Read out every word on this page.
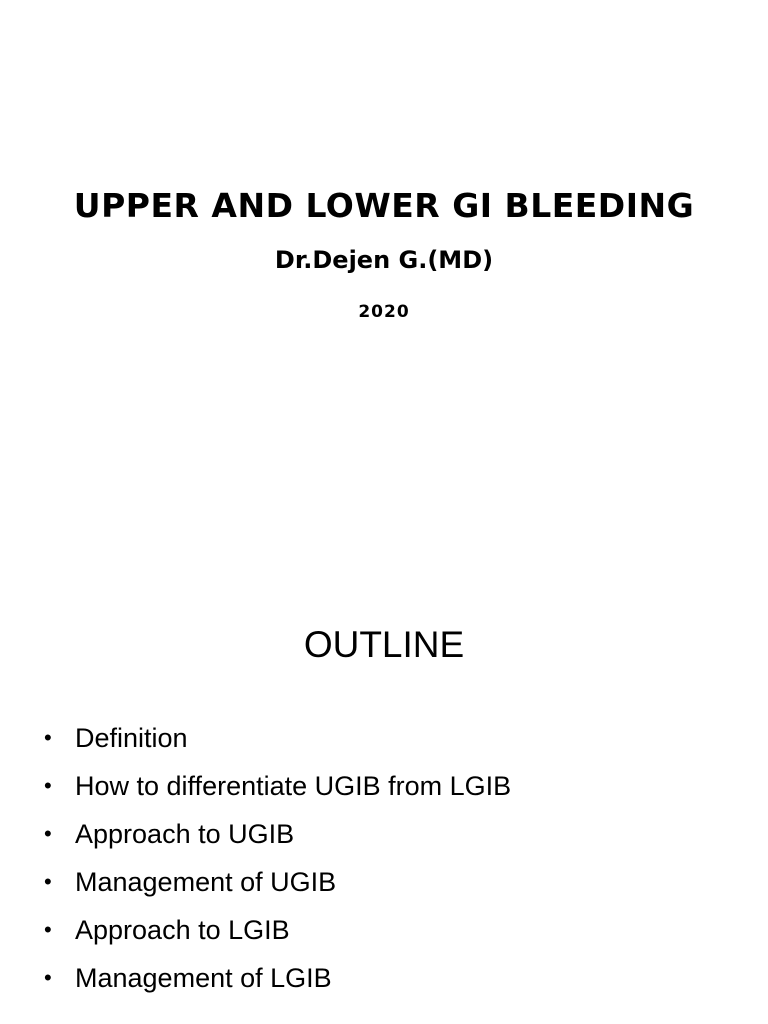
UPPER AND LOWER GI BLEEDING
Dr.Dejen G.(MD)
2020
OUTLINE
• Definition
• How to differentiate UGIB from LGIB
• Approach to UGIB
• Management of UGIB
• Approach to LGIB
• Management of LGIB
